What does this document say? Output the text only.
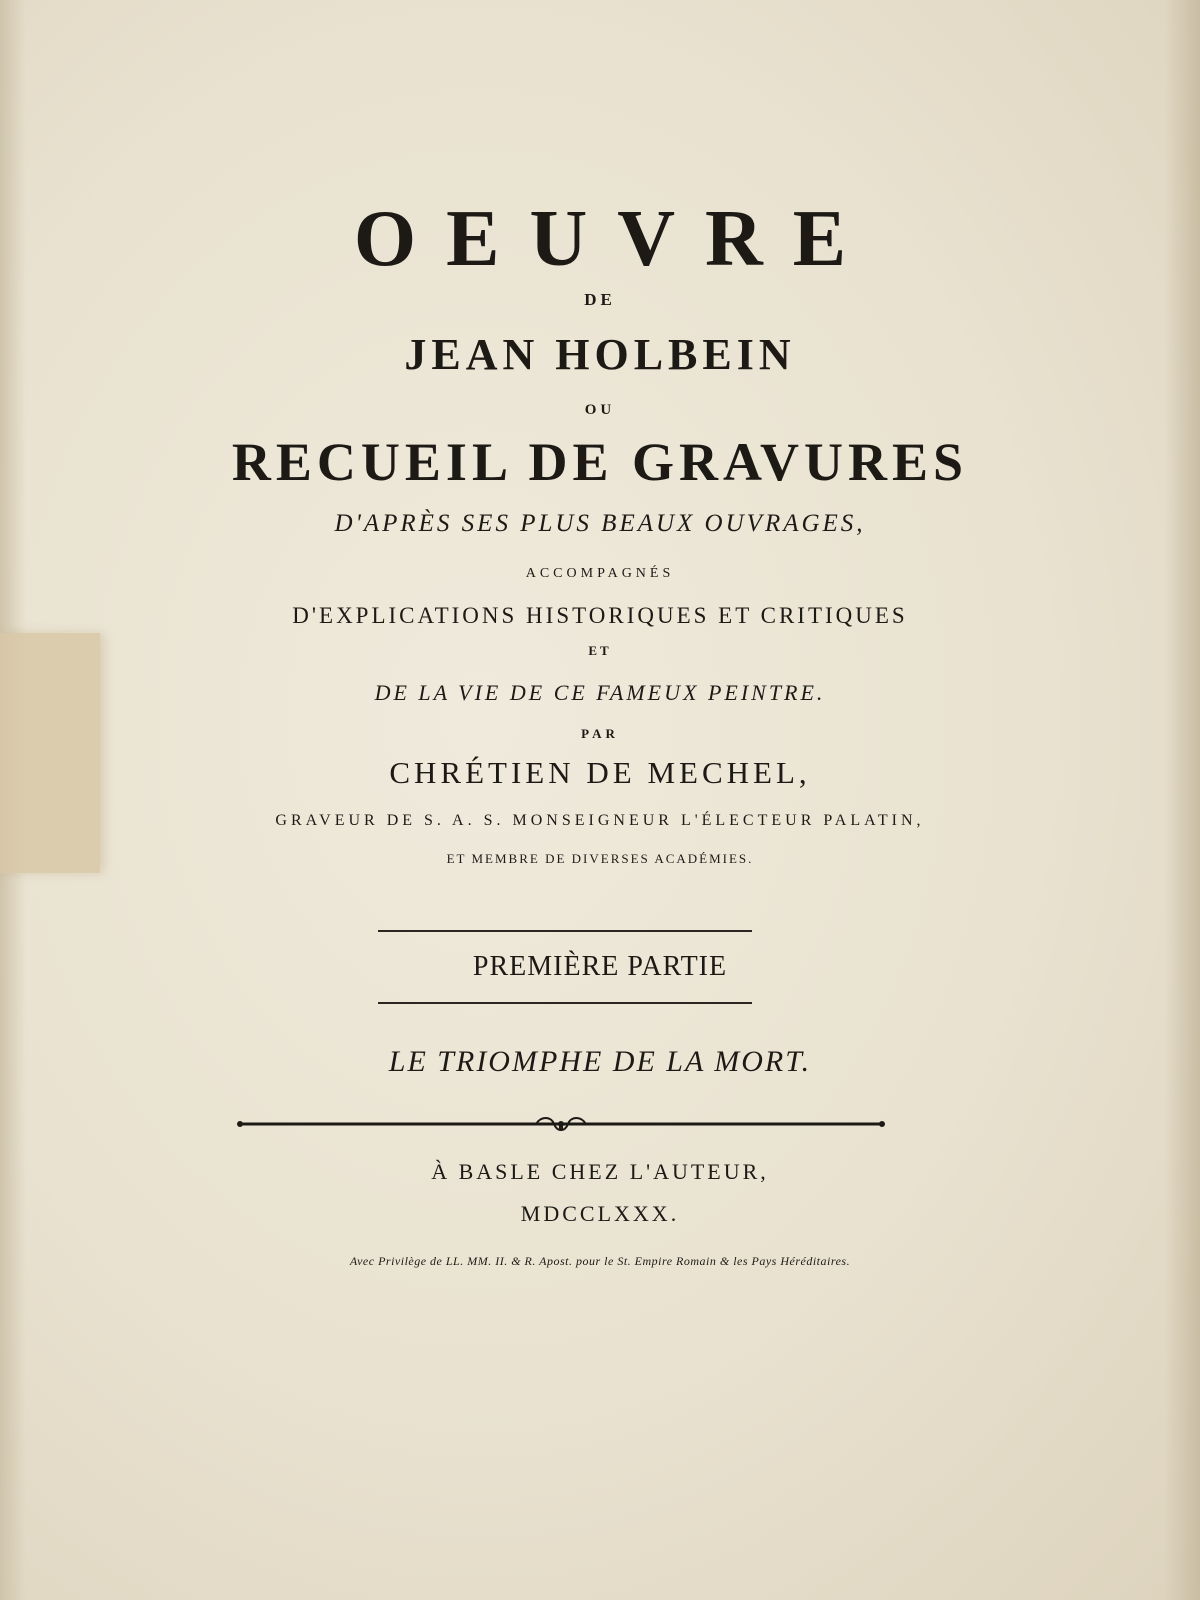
OEUVRE
DE
JEAN HOLBEIN
OU
RECUEIL DE GRAVURES
D'APRÈS SES PLUS BEAUX OUVRAGES,
ACCOMPAGNÉS
D'EXPLICATIONS HISTORIQUES ET CRITIQUES
ET
DE LA VIE DE CE FAMEUX PEINTRE.
PAR
CHRÉTIEN DE MECHEL,
GRAVEUR DE S. A. S. MONSEIGNEUR L'ÉLECTEUR PALATIN,
ET MEMBRE DE DIVERSES ACADÉMIES.
PREMIÈRE PARTIE
LE TRIOMPHE DE LA MORT.
À BASLE CHEZ L'AUTEUR,
MDCCLXXX.
Avec Privilège de LL. MM. II. & R. Apost. pour le St. Empire Romain & les Pays Héréditaires.
